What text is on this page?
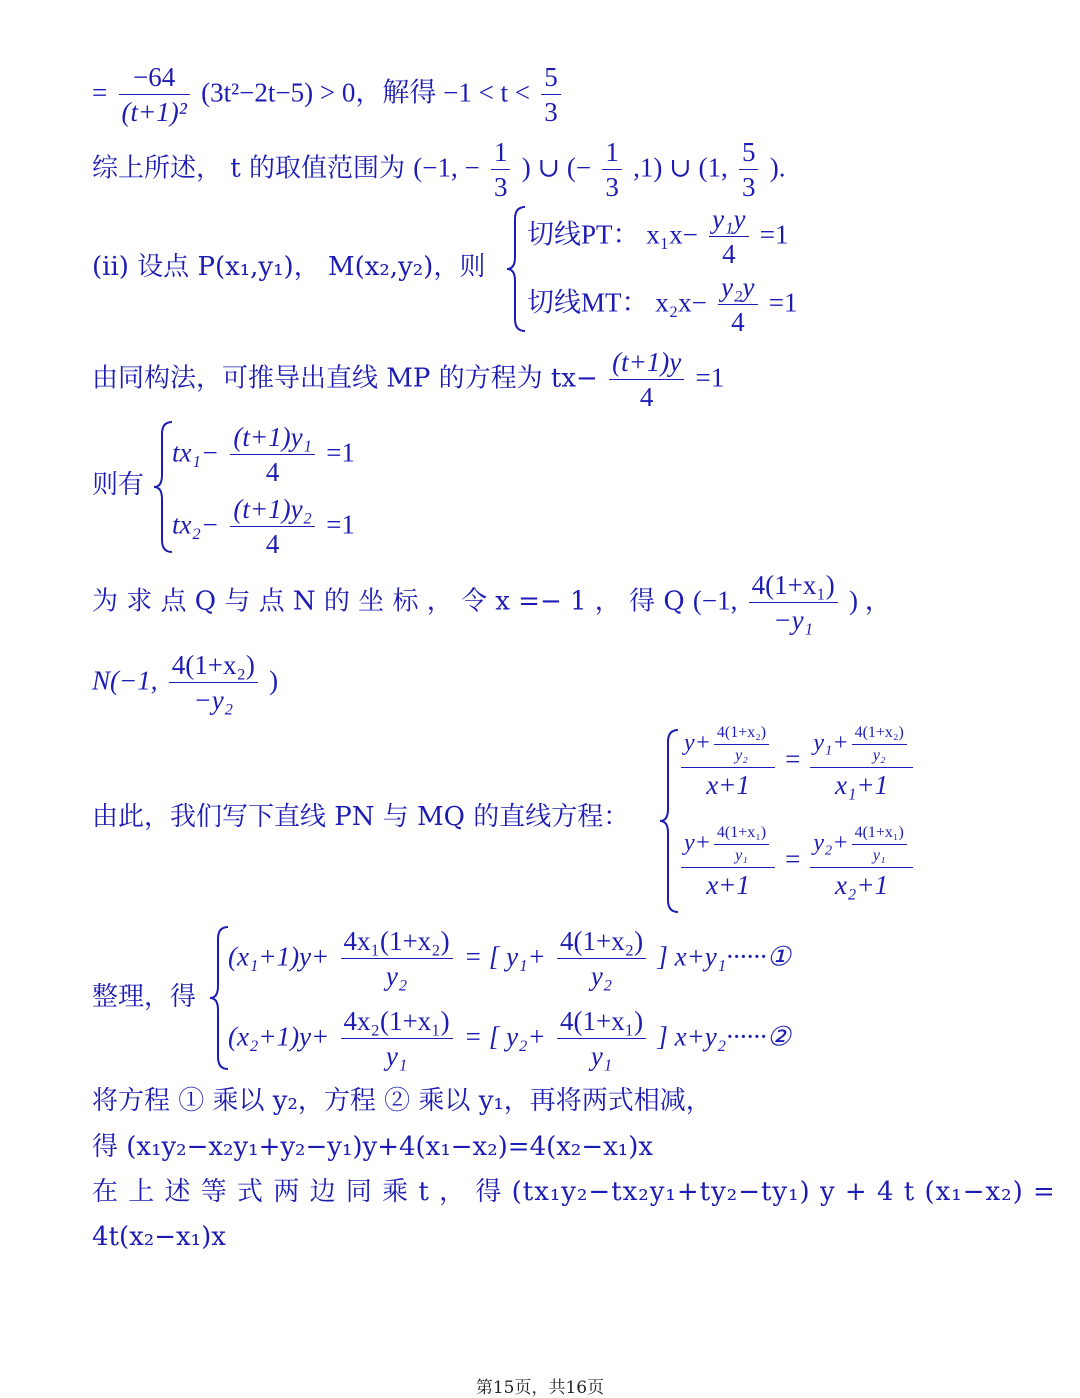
= $\frac{-64}{\text{(t+1)²}} (3t^2-2t-5) > 0$，解得 $-1 < t < \frac{5}{3}$
综上所述， t 的取值范围为 (−1, − $\frac{1}{3}$ ) ∪ (− $\frac{1}{3} ,1$) ∪ (1, $\frac{5}{3}$ ).
(ii) 设点 P(x₁,y₁)， M(x₂,y₂)，则
切线PT： $x_1x- \frac{\text{y₁y}}{4} =1$
切线MT： $x_2x- \frac{\text{y₂y}}{4} =1$
由同构法，可推导出直线 MP 的方程为 $tx- \frac{(t+1)y}{4} =1$
则有
$tx_1- \frac{\text{(t+1)y₁}}{4} =1$
$tx_2- \frac{\text{(t+1)y₂}}{4} =1$
为 求 点 Q 与 点 N 的 坐 标 ， 令 x =− 1 ， 得 Q (−1, $\frac{\text{4(1+x₁)}}{\text{−y₁}}$ ) ，
N(−1, $\frac{\text{4(1+x₂)}}{\text{−y₂}}$ )
由此，我们写下直线 PN 与 MQ 的直线方程：
$\frac{y+ \frac{\text{4(1+x₂)}}{\text{y₂}}}{x+1} = \frac{y_1+ \frac{\text{4(1+x₂)}}{\text{y₂}}}{\text{x₁+1}}$
$\frac{y+ \frac{\text{4(1+x₁)}}{\text{y₁}}}{x+1} = \frac{y_2+ \frac{\text{4(1+x₁)}}{\text{y₁}}}{\text{x₂+1}}$
整理，得
$(x_1+1)y+ \frac{\text{4x₁(1+x₂)}}{\text{y₂}}$ = [ $y_1+ \frac{\text{4(1+x₂)}}{\text{y₂}}$ ] x+y₁······①
$(x_2+1)y+ \frac{\text{4x₂(1+x₁)}}{\text{y₁}}$ = [ $y_2+ \frac{\text{4(1+x₁)}}{\text{y₁}}$ ] x+y₂······②
将方程 ① 乘以 y₂，方程 ② 乘以 y₁，再将两式相减，
得 (x₁y₂−x₂y₁+y₂−y₁)y+4(x₁−x₂)=4(x₂−x₁)x
在 上 述 等 式 两 边 同 乘 t ， 得 (tx₁y₂−tx₂y₁+ty₂−ty₁) y + 4 t (x₁−x₂) =
4t(x₂−x₁)x
第15页，共16页
